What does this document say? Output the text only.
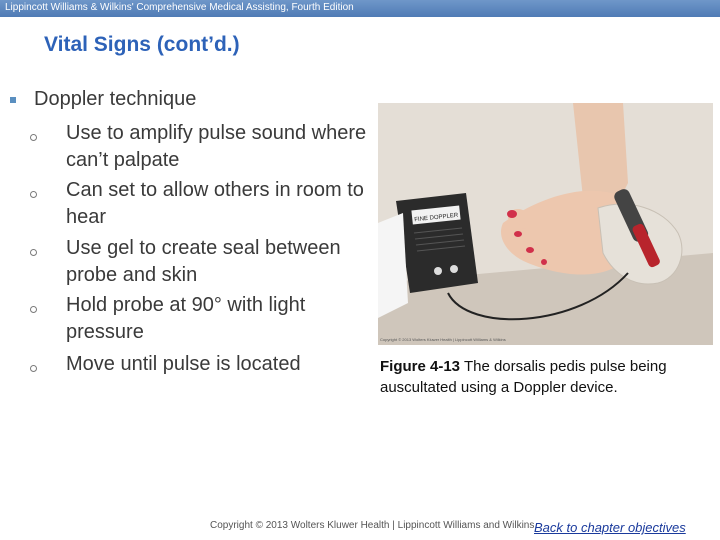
Lippincott Williams & Wilkins' Comprehensive Medical Assisting, Fourth Edition
Vital Signs (cont’d.)
Doppler technique
Use to amplify pulse sound where can’t palpate
Can set to allow others in room to hear
Use gel to create seal between probe and skin
Hold probe at 90° with light pressure
Move until pulse is located
FINE DOPPLER
Copyright © 2013 Wolters Kluwer Health | Lippincott Williams & Wilkins
Figure 4-13 The dorsalis pedis pulse being auscultated using a Doppler device.
Copyright © 2013 Wolters Kluwer Health | Lippincott Williams and Wilkins Back to chapter objectives
